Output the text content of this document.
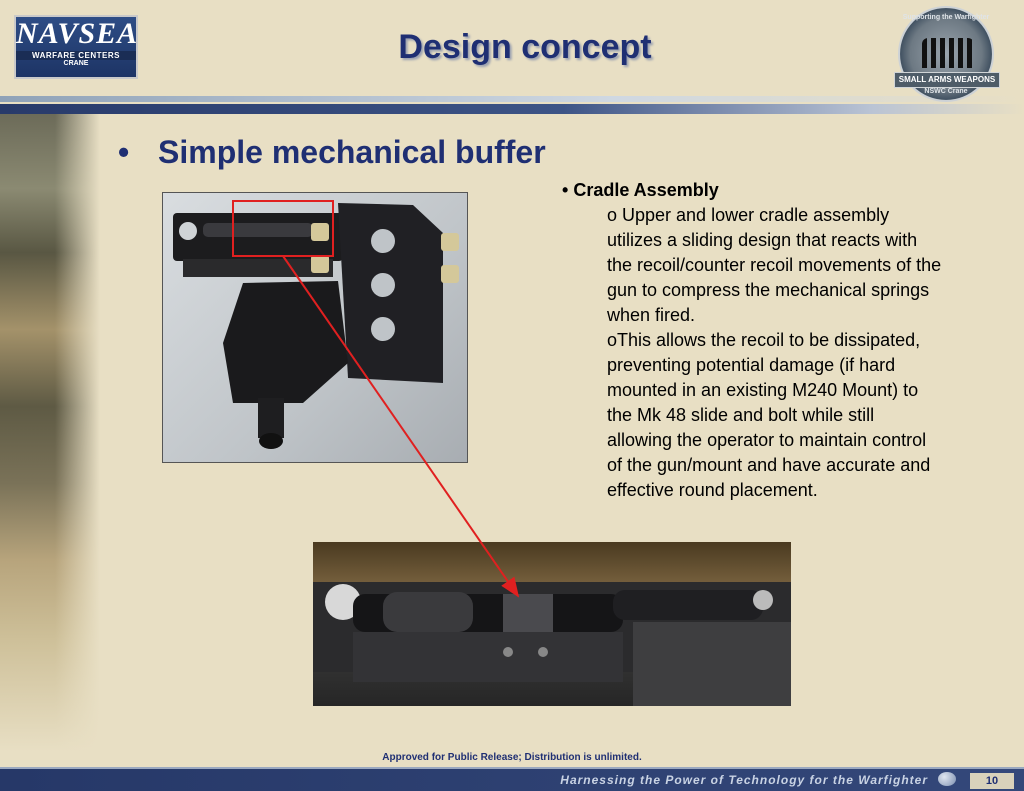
NAVSEA
WARFARE CENTERS
CRANE	Design concept
Supporting the Warfighter
SMALL ARMS WEAPONS
NSWC Crane
• Simple mechanical buffer
• Cradle Assembly
o Upper and lower cradle assembly utilizes a sliding design that reacts with the recoil/counter recoil movements of the gun to compress the mechanical springs when fired.
oThis allows the recoil to be dissipated, preventing potential damage (if hard mounted in an existing M240 Mount) to the Mk 48 slide and bolt while still allowing the operator to maintain control of the gun/mount and have accurate and effective round placement.
Approved for Public Release; Distribution is unlimited.
Harnessing the Power of Technology for the Warfighter	10
